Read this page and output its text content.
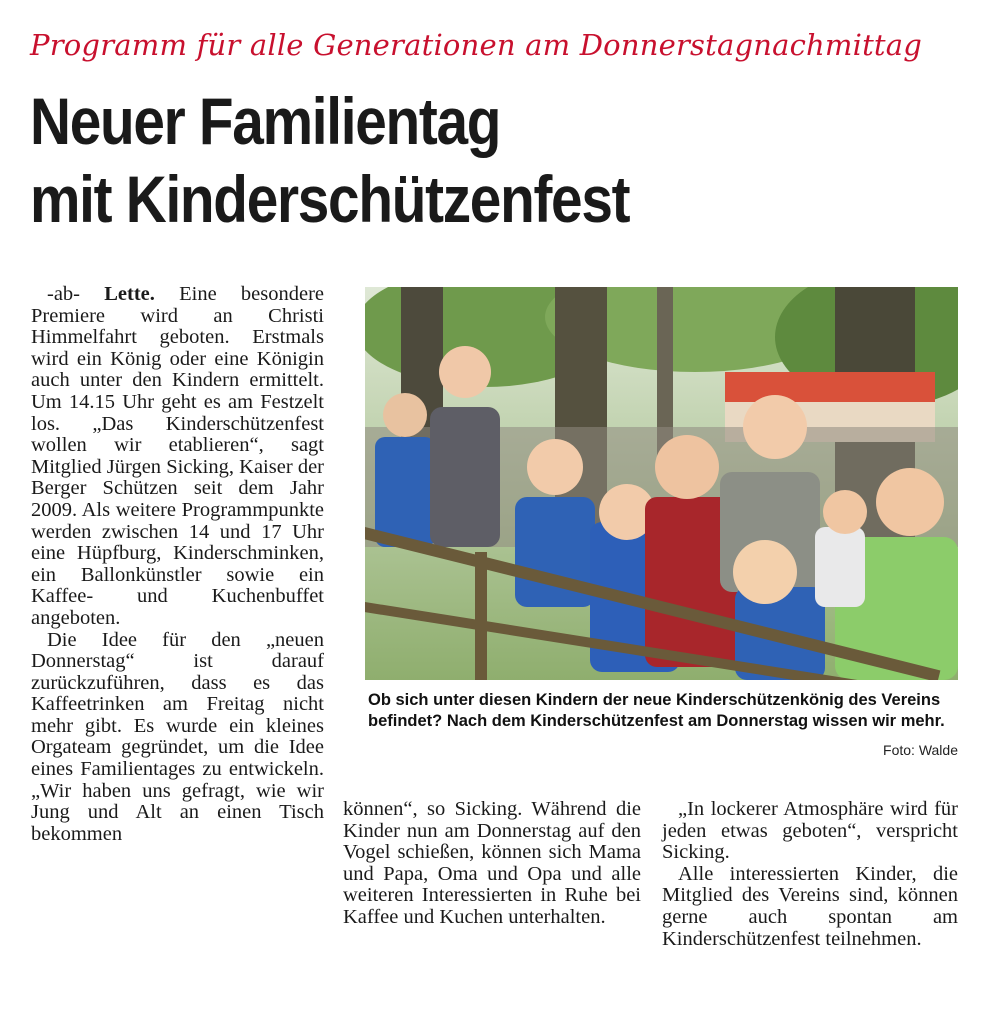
Programm für alle Generationen am Donnerstagnachmittag
Neuer Familientag
mit Kinderschützenfest

-ab- Lette. Eine besondere Premiere wird an Christi Himmelfahrt geboten. Erstmals wird ein König oder eine Königin auch unter den Kindern ermittelt. Um 14.15 Uhr geht es am Festzelt los. „Das Kinderschützenfest wollen wir etablieren“, sagt Mitglied Jürgen Sicking, Kaiser der Berger Schützen seit dem Jahr 2009. Als weitere Programmpunkte werden zwischen 14 und 17 Uhr eine Hüpfburg, Kinderschminken, ein Ballonkünstler sowie ein Kaffee- und Kuchenbuffet angeboten.

Die Idee für den „neuen Donnerstag“ ist darauf zurückzuführen, dass es das Kaffeetrinken am Freitag nicht mehr gibt. Es wurde ein kleines Orgateam gegründet, um die Idee eines Familientages zu entwickeln. „Wir haben uns gefragt, wie wir Jung und Alt an einen Tisch bekommen

Ob sich unter diesen Kindern der neue Kinderschützenkönig des Vereins befindet? Nach dem Kinderschützenfest am Donnerstag wissen wir mehr.
Foto: Walde

können“, so Sicking. Während die Kinder nun am Donnerstag auf den Vogel schießen, können sich Mama und Papa, Oma und Opa und alle weiteren Interessierten in Ruhe bei Kaffee und Kuchen unterhalten.

„In lockerer Atmosphäre wird für jeden etwas geboten“, verspricht Sicking.

Alle interessierten Kinder, die Mitglied des Vereins sind, können gerne auch spontan am Kinderschützenfest teilnehmen.
